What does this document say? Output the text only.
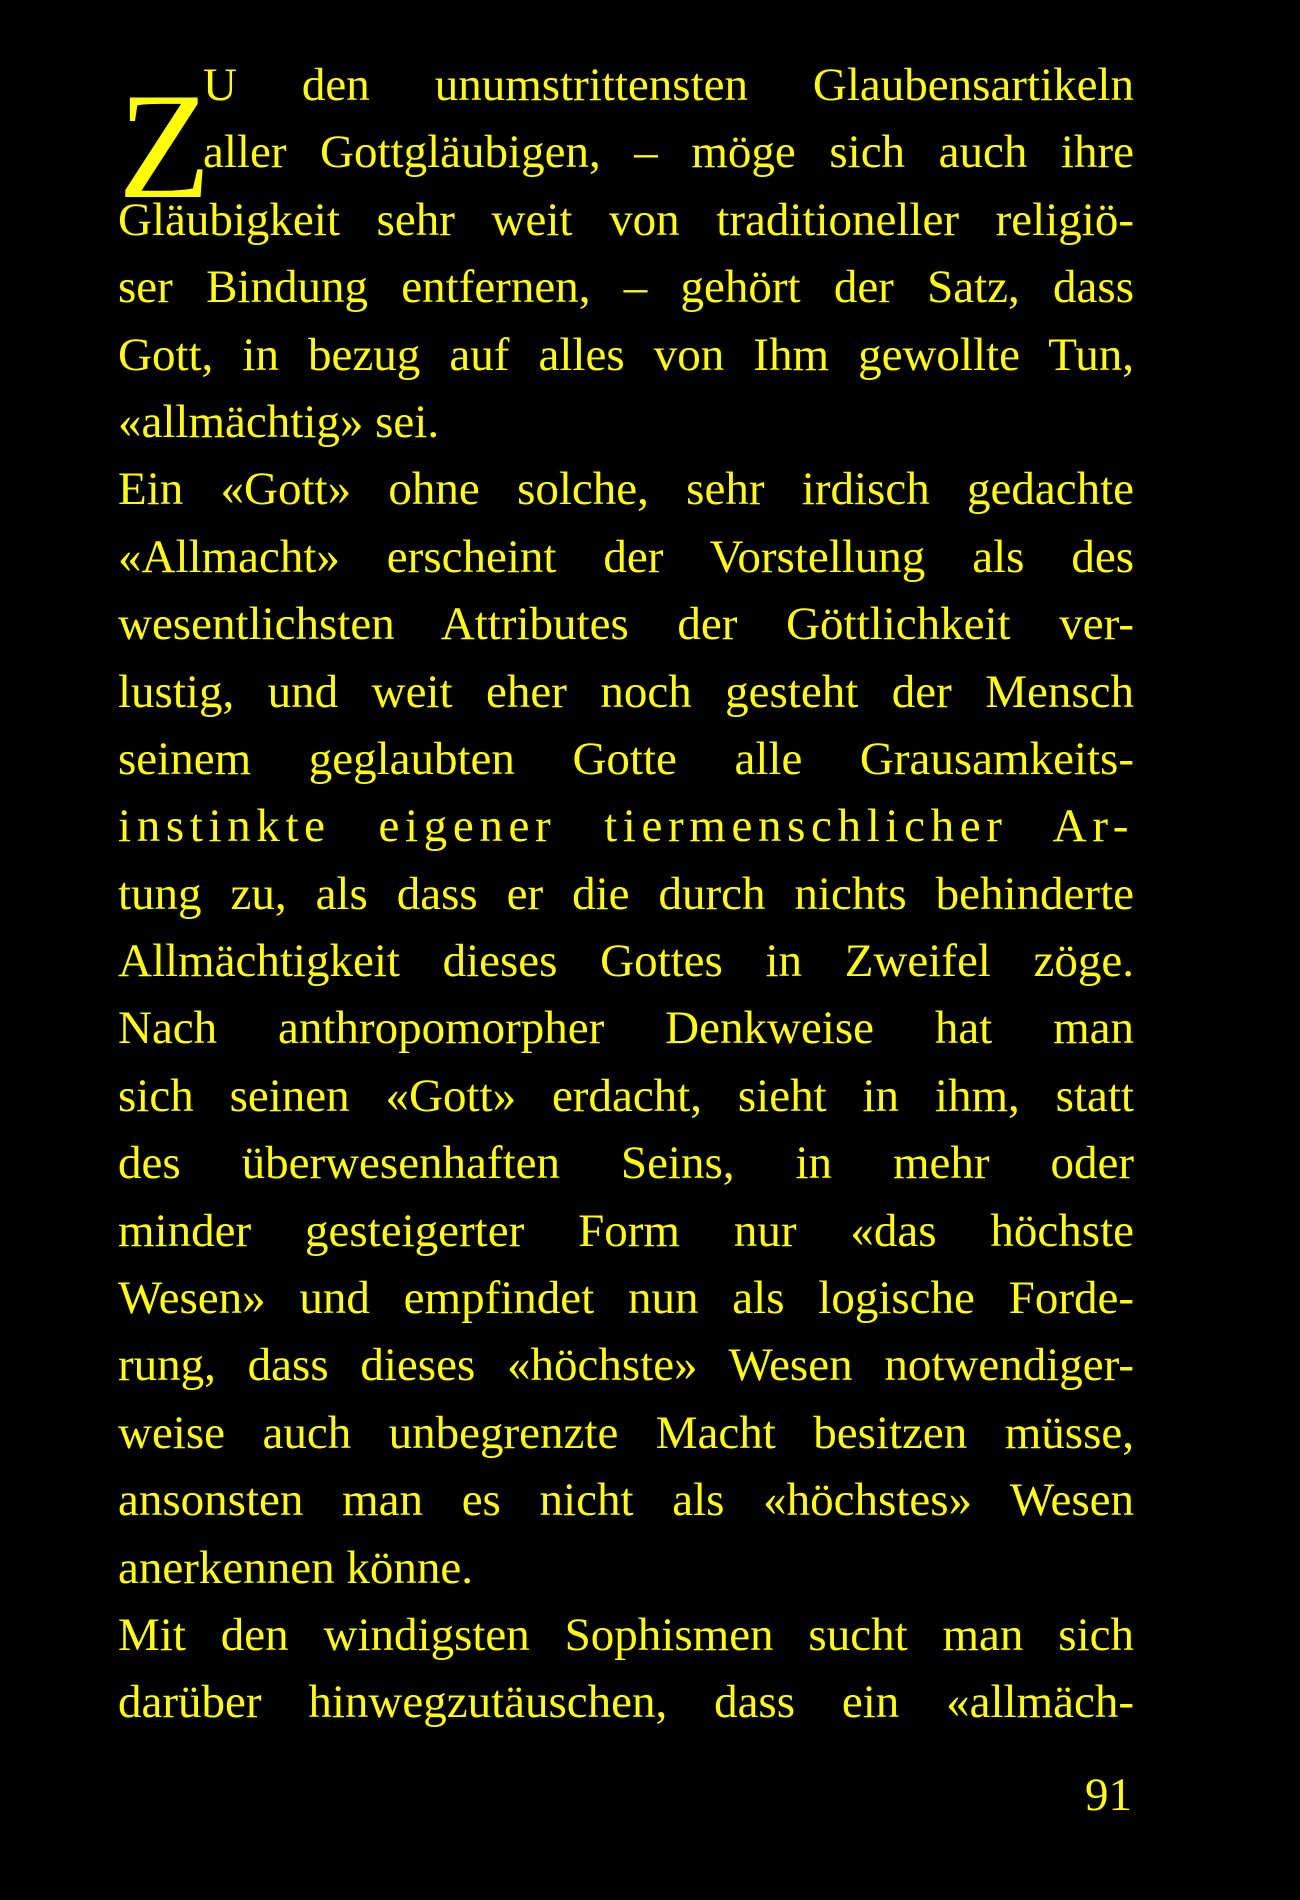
Z
U den unumstrittensten Glaubensartikeln
aller Gottgläubigen, – möge sich auch ihre
Gläubigkeit sehr weit von traditioneller religiö-
ser Bindung entfernen, – gehört der Satz, dass
Gott, in bezug auf alles von Ihm gewollte Tun,
«allmächtig» sei.
Ein «Gott» ohne solche, sehr irdisch gedachte
«Allmacht» erscheint der Vorstellung als des
wesentlichsten Attributes der Göttlichkeit ver-
lustig, und weit eher noch gesteht der Mensch
seinem geglaubten Gotte alle Grausamkeits-
instinkte eigener tiermenschlicher Ar-
tung zu, als dass er die durch nichts behinderte
Allmächtigkeit dieses Gottes in Zweifel zöge.
Nach anthropomorpher Denkweise hat man
sich seinen «Gott» erdacht, sieht in ihm, statt
des überwesenhaften Seins, in mehr oder
minder gesteigerter Form nur «das höchste
Wesen» und empfindet nun als logische Forde-
rung, dass dieses «höchste» Wesen notwendiger-
weise auch unbegrenzte Macht besitzen müsse,
ansonsten man es nicht als «höchstes» Wesen
anerkennen könne.
Mit den windigsten Sophismen sucht man sich
darüber hinwegzutäuschen, dass ein «allmäch-
91
